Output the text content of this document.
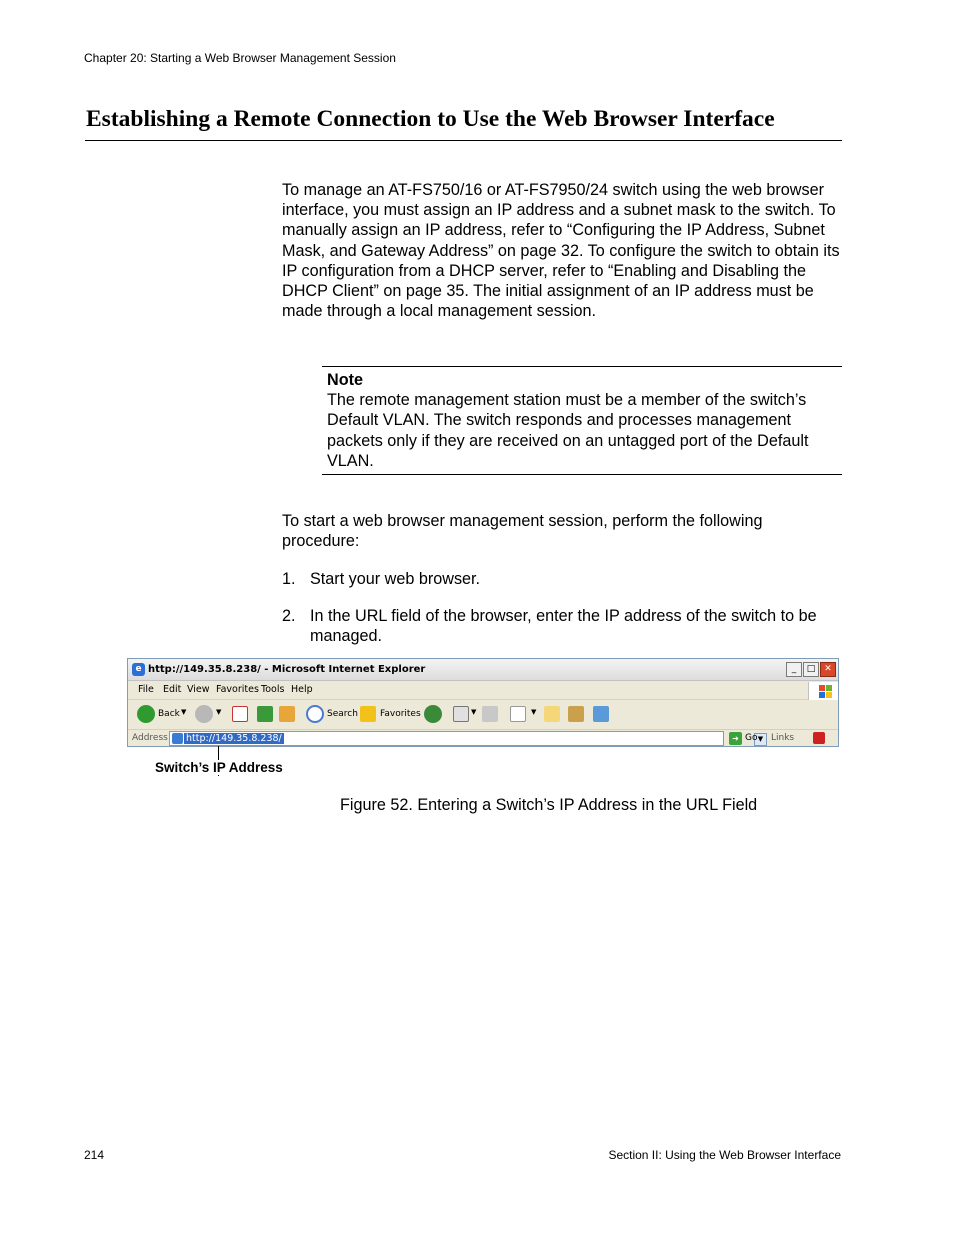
Chapter 20: Starting a Web Browser Management Session
Establishing a Remote Connection to Use the Web Browser Interface
To manage an AT-FS750/16 or AT-FS7950/24 switch using the web browser interface, you must assign an IP address and a subnet mask to the switch. To manually assign an IP address, refer to “Configuring the IP Address, Subnet Mask, and Gateway Address” on page 32. To configure the switch to obtain its IP configuration from a DHCP server, refer to “Enabling and Disabling the DHCP Client” on page 35. The initial assignment of an IP address must be made through a local management session.
Note
The remote management station must be a member of the switch’s Default VLAN. The switch responds and processes management packets only if they are received on an untagged port of the Default VLAN.
To start a web browser management session, perform the following procedure:
1. Start your web browser.
2. In the URL field of the browser, enter the IP address of the switch to be managed.
e http://149.35.8.238/ - Microsoft Internet Explorer	_	□ ✕
File Edit View Favorites Tools Help
Back ▼	▼	Search Favorites	▼	▼
Address http://149.35.8.238/	▼
➜ Go Links
Switch’s IP Address
Figure 52. Entering a Switch’s IP Address in the URL Field
214	Section II: Using the Web Browser Interface
